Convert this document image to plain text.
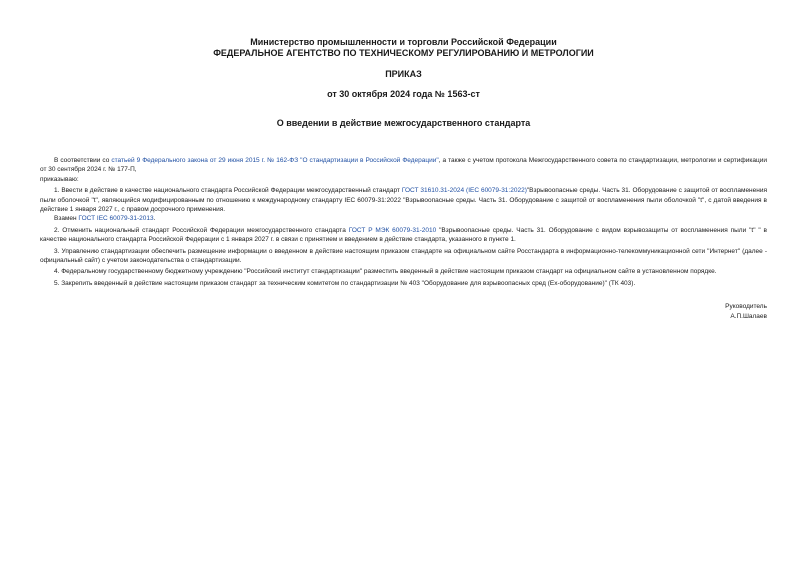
Министерство промышленности и торговли Российской Федерации
ФЕДЕРАЛЬНОЕ АГЕНТСТВО ПО ТЕХНИЧЕСКОМУ РЕГУЛИРОВАНИЮ И МЕТРОЛОГИИ
ПРИКАЗ
от 30 октября 2024 года № 1563-ст
О введении в действие межгосударственного стандарта

В соответствии со статьей 9 Федерального закона от 29 июня 2015 г. № 162-ФЗ "О стандартизации в Российской Федерации", а также с учетом протокола Межгосударственного совета по стандартизации, метрологии и сертификации от 30 сентября 2024 г. № 177-П,

приказываю:

1. Ввести в действие в качестве национального стандарта Российской Федерации межгосударственный стандарт ГОСТ 31610.31-2024 (IEC 60079-31:2022)"Взрывоопасные среды. Часть 31. Оборудование с защитой от воспламенения пыли оболочкой "t", являющийся модифицированным по отношению к международному стандарту IEC 60079-31:2022 "Взрывоопасные среды. Часть 31. Оборудование с защитой от воспламенения пыли оболочкой "t", с датой введения в действие 1 января 2027 г., с правом досрочного применения.

Взамен ГОСТ IEC 60079-31-2013.

2. Отменить национальный стандарт Российской Федерации межгосударственного стандарта ГОСТ Р МЭК 60079-31-2010 "Взрывоопасные среды. Часть 31. Оборудование с видом взрывозащиты от воспламенения пыли "t" " в качестве национального стандарта Российской Федерации с 1 января 2027 г. в связи с принятием и введением в действие стандарта, указанного в пункте 1.

3. Управлению стандартизации обеспечить размещение информации о введенном в действие настоящим приказом стандарте на официальном сайте Росстандарта в информационно-телекоммуникационной сети "Интернет" (далее - официальный сайт) с учетом законодательства о стандартизации.

4. Федеральному государственному бюджетному учреждению "Российский институт стандартизации" разместить введенный в действие настоящим приказом стандарт на официальном сайте в установленном порядке.

5. Закрепить введенный в действие настоящим приказом стандарт за техническим комитетом по стандартизации № 403 "Оборудование для взрывоопасных сред (Ex-оборудование)" (ТК 403).

Руководитель
А.П.Шалаев
